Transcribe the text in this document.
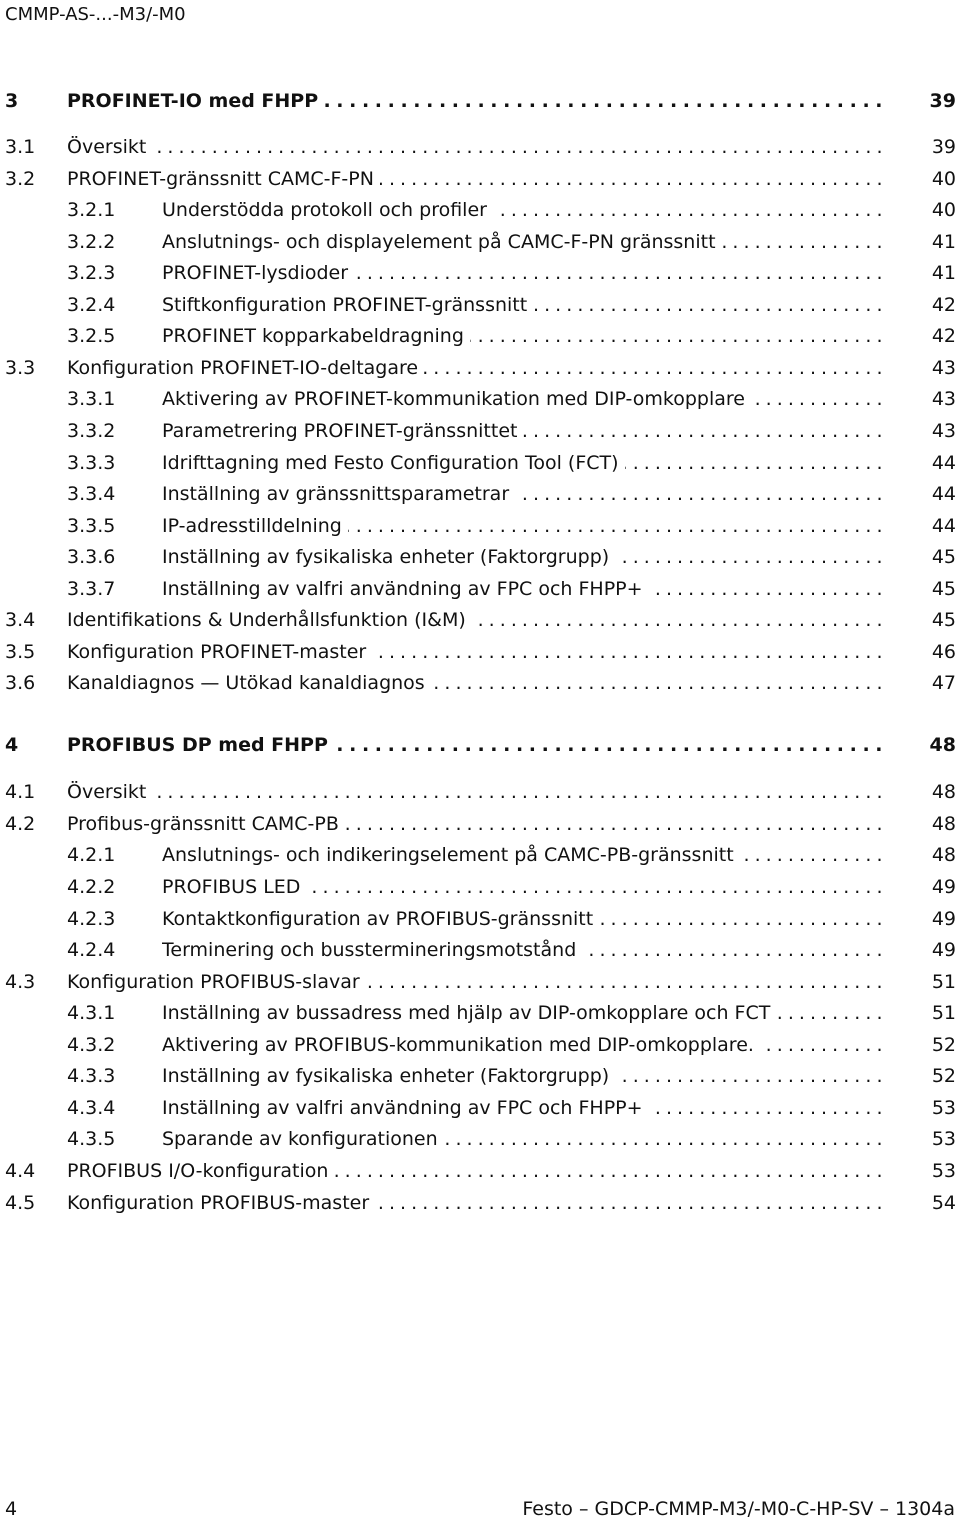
CMMP-AS-...-M3/-M0
3	PROFINET-IO med FHPP . . .	39
3.1 Översikt . . .	39
3.2 PROFINET-gränssnitt CAMC-F-PN . . .	40
3.2.1 Understödda protokoll och profiler . . .	40
3.2.2 Anslutnings- och displayelement på CAMC-F-PN gränssnitt . . .	41
3.2.3 PROFINET-lysdioder . . .	41
3.2.4 Stiftkonfiguration PROFINET-gränssnitt . . .	42
3.2.5 PROFINET kopparkabeldragning . . .	42
3.3 Konfiguration PROFINET-IO-deltagare . . .	43
3.3.1 Aktivering av PROFINET-kommunikation med DIP-omkopplare . . .	43
3.3.2 Parametrering PROFINET-gränssnittet . . .	43
3.3.3 Idrifttagning med Festo Configuration Tool (FCT) . . .	44
3.3.4 Inställning av gränssnittsparametrar . . .	44
3.3.5 IP-adresstilldelning . . .	44
3.3.6 Inställning av fysikaliska enheter (Faktorgrupp) . . .	45
3.3.7 Inställning av valfri användning av FPC och FHPP+ . . .	45
3.4 Identifikations & Underhållsfunktion (I&M) . . .	45
3.5 Konfiguration PROFINET-master . . .	46
3.6 Kanaldiagnos — Utökad kanaldiagnos . . .	47
4	PROFIBUS DP med FHPP . . .	48
4.1 Översikt . . .	48
4.2 Profibus-gränssnitt CAMC-PB . . .	48
4.2.1 Anslutnings- och indikeringselement på CAMC-PB-gränssnitt . . .	48
4.2.2 PROFIBUS LED . . .	49
4.2.3 Kontaktkonfiguration av PROFIBUS-gränssnitt . . .	49
4.2.4 Terminering och busstermineringsmotstånd . . .	49
4.3 Konfiguration PROFIBUS-slavar . . .	51
4.3.1 Inställning av bussadress med hjälp av DIP-omkopplare och FCT . . .	51
4.3.2 Aktivering av PROFIBUS-kommunikation med DIP-omkopplare. . . .	52
4.3.3 Inställning av fysikaliska enheter (Faktorgrupp) . . .	52
4.3.4 Inställning av valfri användning av FPC och FHPP+ . . .	53
4.3.5 Sparande av konfigurationen . . .	53
4.4 PROFIBUS I/O-konfiguration . . .	53
4.5 Konfiguration PROFIBUS-master . . .	54
4	Festo – GDCP-CMMP-M3/-M0-C-HP-SV – 1304a
